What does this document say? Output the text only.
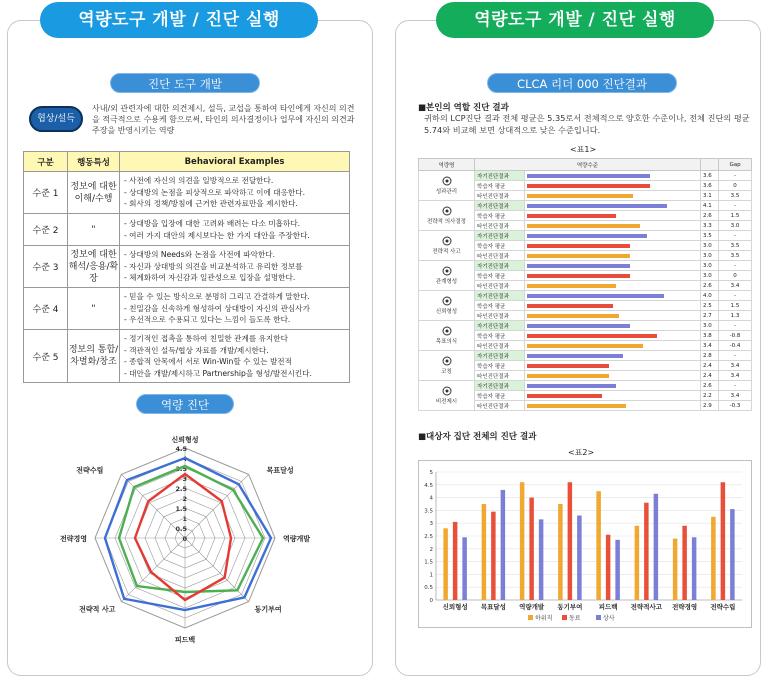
역량도구 개발 / 진단 실행	역량도구 개발 / 진단 실행
진단 도구 개발
협상/설득
사내/외 관련자에 대한 의견제시, 설득, 교섭을 통하여 타인에게 자신의 의견 을 적극적으로 수용케 함으로써, 타인의 의사결정이나 업무에 자신의 의견과 주장을 반영시키는 역량
구분	행동특성	Behavioral Examples
수준 1	정보에 대한 이해/수행	- 사전에 자신의 의견을 일방적으로 전달한다.
- 상대방의 논점을 피상적으로 파악하고 이에 대응한다.
- 회사의 정책/방침에 근거한 관련자료만을 제시한다.

수준 2	"	- 상대방을 입장에 대한 고려와 배려는 다소 미흡하다.
- 여러 가지 대안의 제시보다는 한 가지 대안을 주장한다.

수준 3	정보에 대한 해석/응용/확장	- 상대방의 Needs와 논점을 사전에 파악한다.
- 자신과 상대방의 의견을 비교분석하고 유리한 정보를
- 체계화하여 자신감과 일관성으로 입장을 설명한다.

수준 4	"	- 믿을 수 있는 방식으로 분명히 그리고 간결하게 말한다.
- 친밀감을 신속하게 형성하여 상대방이 자신의 관심사가
- 우선적으로 수용되고 있다는 느낌이 들도록 한다.

수준 5	정보의 통합/차별화/창조	- 정기적인 접촉을 통하여 친밀한 관계를 유지한다
- 객관적인 설득/협상 자료를 개발/제시한다.
- 종합적 안목에서 서로 Win-Win할 수 있는 발전적
- 대안을 개발/제시하고 Partnership을 형성/발전시킨다.
역량 진단
4.5
4
3.5
3
2.5
2
1.5
1
0.5
0
신뢰형성
목표달성
역량개발
동기부여
피드백
전략적 사고
전략경영
전략수립
CLCA 리더 000 진단결과
■본인의 역할 진단 결과
귀하의 LCP진단 결과 전체 평균은 5.35로서 전체적으로 양호한 수준이나, 전체 진단의 평균 5.74와 비교해 보면 상대적으로 낮은 수준입니다.
<표1>
역량명	역량수준			Gap

성과관리	자기진단결과		3.6	-
	학습자 평균		3.6	0
	타인진단결과		3.1	3.5

전략적 의사결정	자기진단결과		4.1	-
	학습자 평균		2.6	1.5
	타인진단결과		3.3	3.0

전략적 사고	자기진단결과		3.5	-
	학습자 평균		3.0	3.5
	타인진단결과		3.0	3.5

관계형성	자기진단결과		3.0	-
	학습자 평균		3.0	0
	타인진단결과		2.6	3.4

신뢰형성	자기진단결과		4.0	-
	학습자 평균		2.5	1.5
	타인진단결과		2.7	1.3

목표의식	자기진단결과		3.0	-
	학습자 평균		3.8	-0.8
	타인진단결과		3.4	-0.4

코칭	자기진단결과		2.8	-
	학습자 평균		2.4	3.4
	타인진단결과		2.4	3.4

비전제시	자기진단결과		2.6	-
	학습자 평균		2.2	3.4
	타인진단결과		2.9	-0.3
■대상자 집단 전체의 진단 결과
<표2>
0
0.5
1
1.5
2
2.5
3
3.5
4
4.5
5
신뢰형성 목표달성 역량개발 동기부여	피드백 전략적사고 전략경영 전략수립
하위직	동료	상사
